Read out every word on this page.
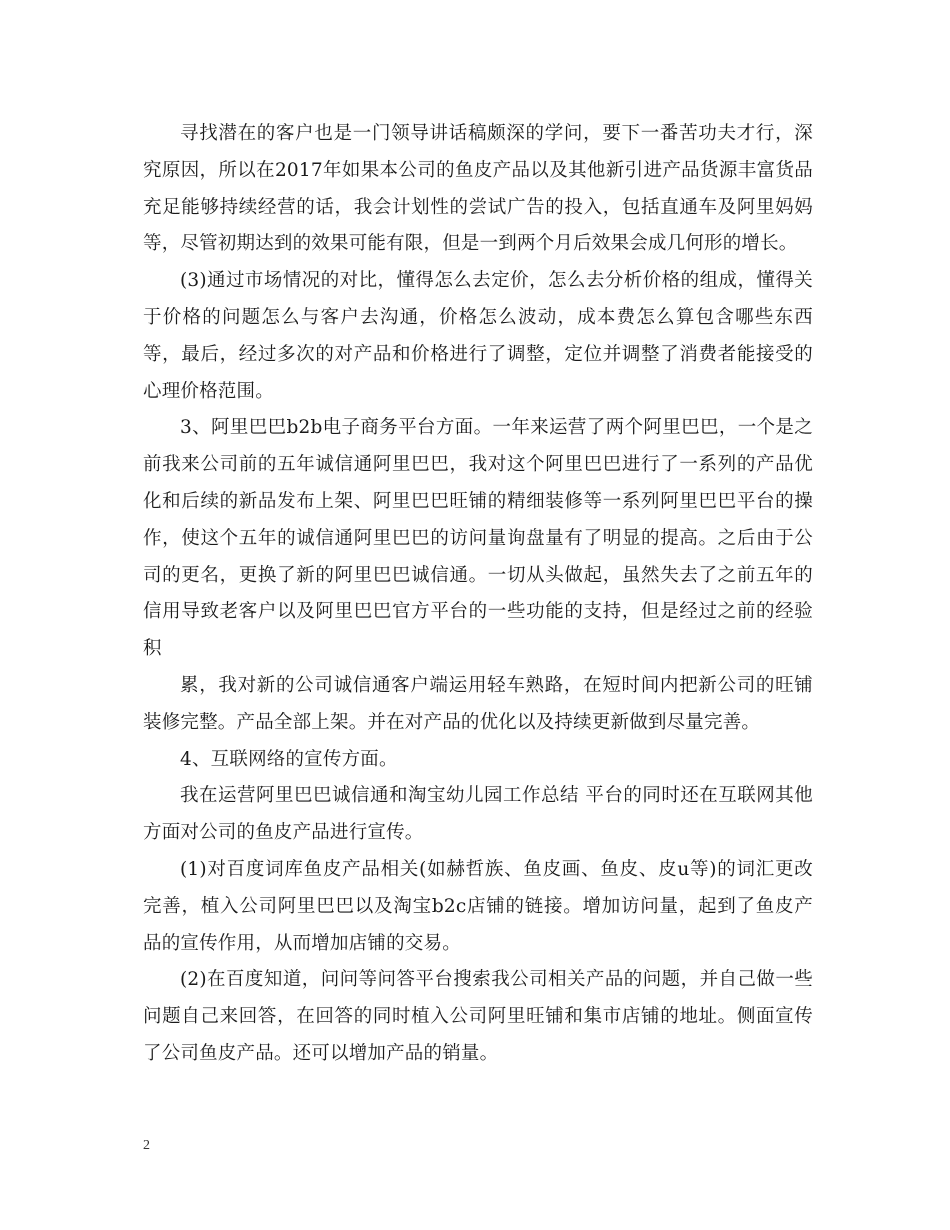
寻找潜在的客户也是一门领导讲话稿颇深的学问，要下一番苦功夫才行，深究原因，所以在2017年如果本公司的鱼皮产品以及其他新引进产品货源丰富货品充足能够持续经营的话，我会计划性的尝试广告的投入，包括直通车及阿里妈妈等，尽管初期达到的效果可能有限，但是一到两个月后效果会成几何形的增长。

(3)通过市场情况的对比，懂得怎么去定价，怎么去分析价格的组成，懂得关于价格的问题怎么与客户去沟通，价格怎么波动，成本费怎么算包含哪些东西等，最后，经过多次的对产品和价格进行了调整，定位并调整了消费者能接受的心理价格范围。

3、阿里巴巴b2b电子商务平台方面。一年来运营了两个阿里巴巴，一个是之前我来公司前的五年诚信通阿里巴巴，我对这个阿里巴巴进行了一系列的产品优化和后续的新品发布上架、阿里巴巴旺铺的精细装修等一系列阿里巴巴平台的操作，使这个五年的诚信通阿里巴巴的访问量询盘量有了明显的提高。之后由于公司的更名，更换了新的阿里巴巴诚信通。一切从头做起，虽然失去了之前五年的信用导致老客户以及阿里巴巴官方平台的一些功能的支持，但是经过之前的经验积

累，我对新的公司诚信通客户端运用轻车熟路，在短时间内把新公司的旺铺装修完整。产品全部上架。并在对产品的优化以及持续更新做到尽量完善。

4、互联网络的宣传方面。

我在运营阿里巴巴诚信通和淘宝幼儿园工作总结 平台的同时还在互联网其他方面对公司的鱼皮产品进行宣传。

(1)对百度词库鱼皮产品相关(如赫哲族、鱼皮画、鱼皮、皮u等)的词汇更改完善，植入公司阿里巴巴以及淘宝b2c店铺的链接。增加访问量，起到了鱼皮产品的宣传作用，从而增加店铺的交易。

(2)在百度知道，问问等问答平台搜索我公司相关产品的问题，并自己做一些问题自己来回答，在回答的同时植入公司阿里旺铺和集市店铺的地址。侧面宣传了公司鱼皮产品。还可以增加产品的销量。

2
